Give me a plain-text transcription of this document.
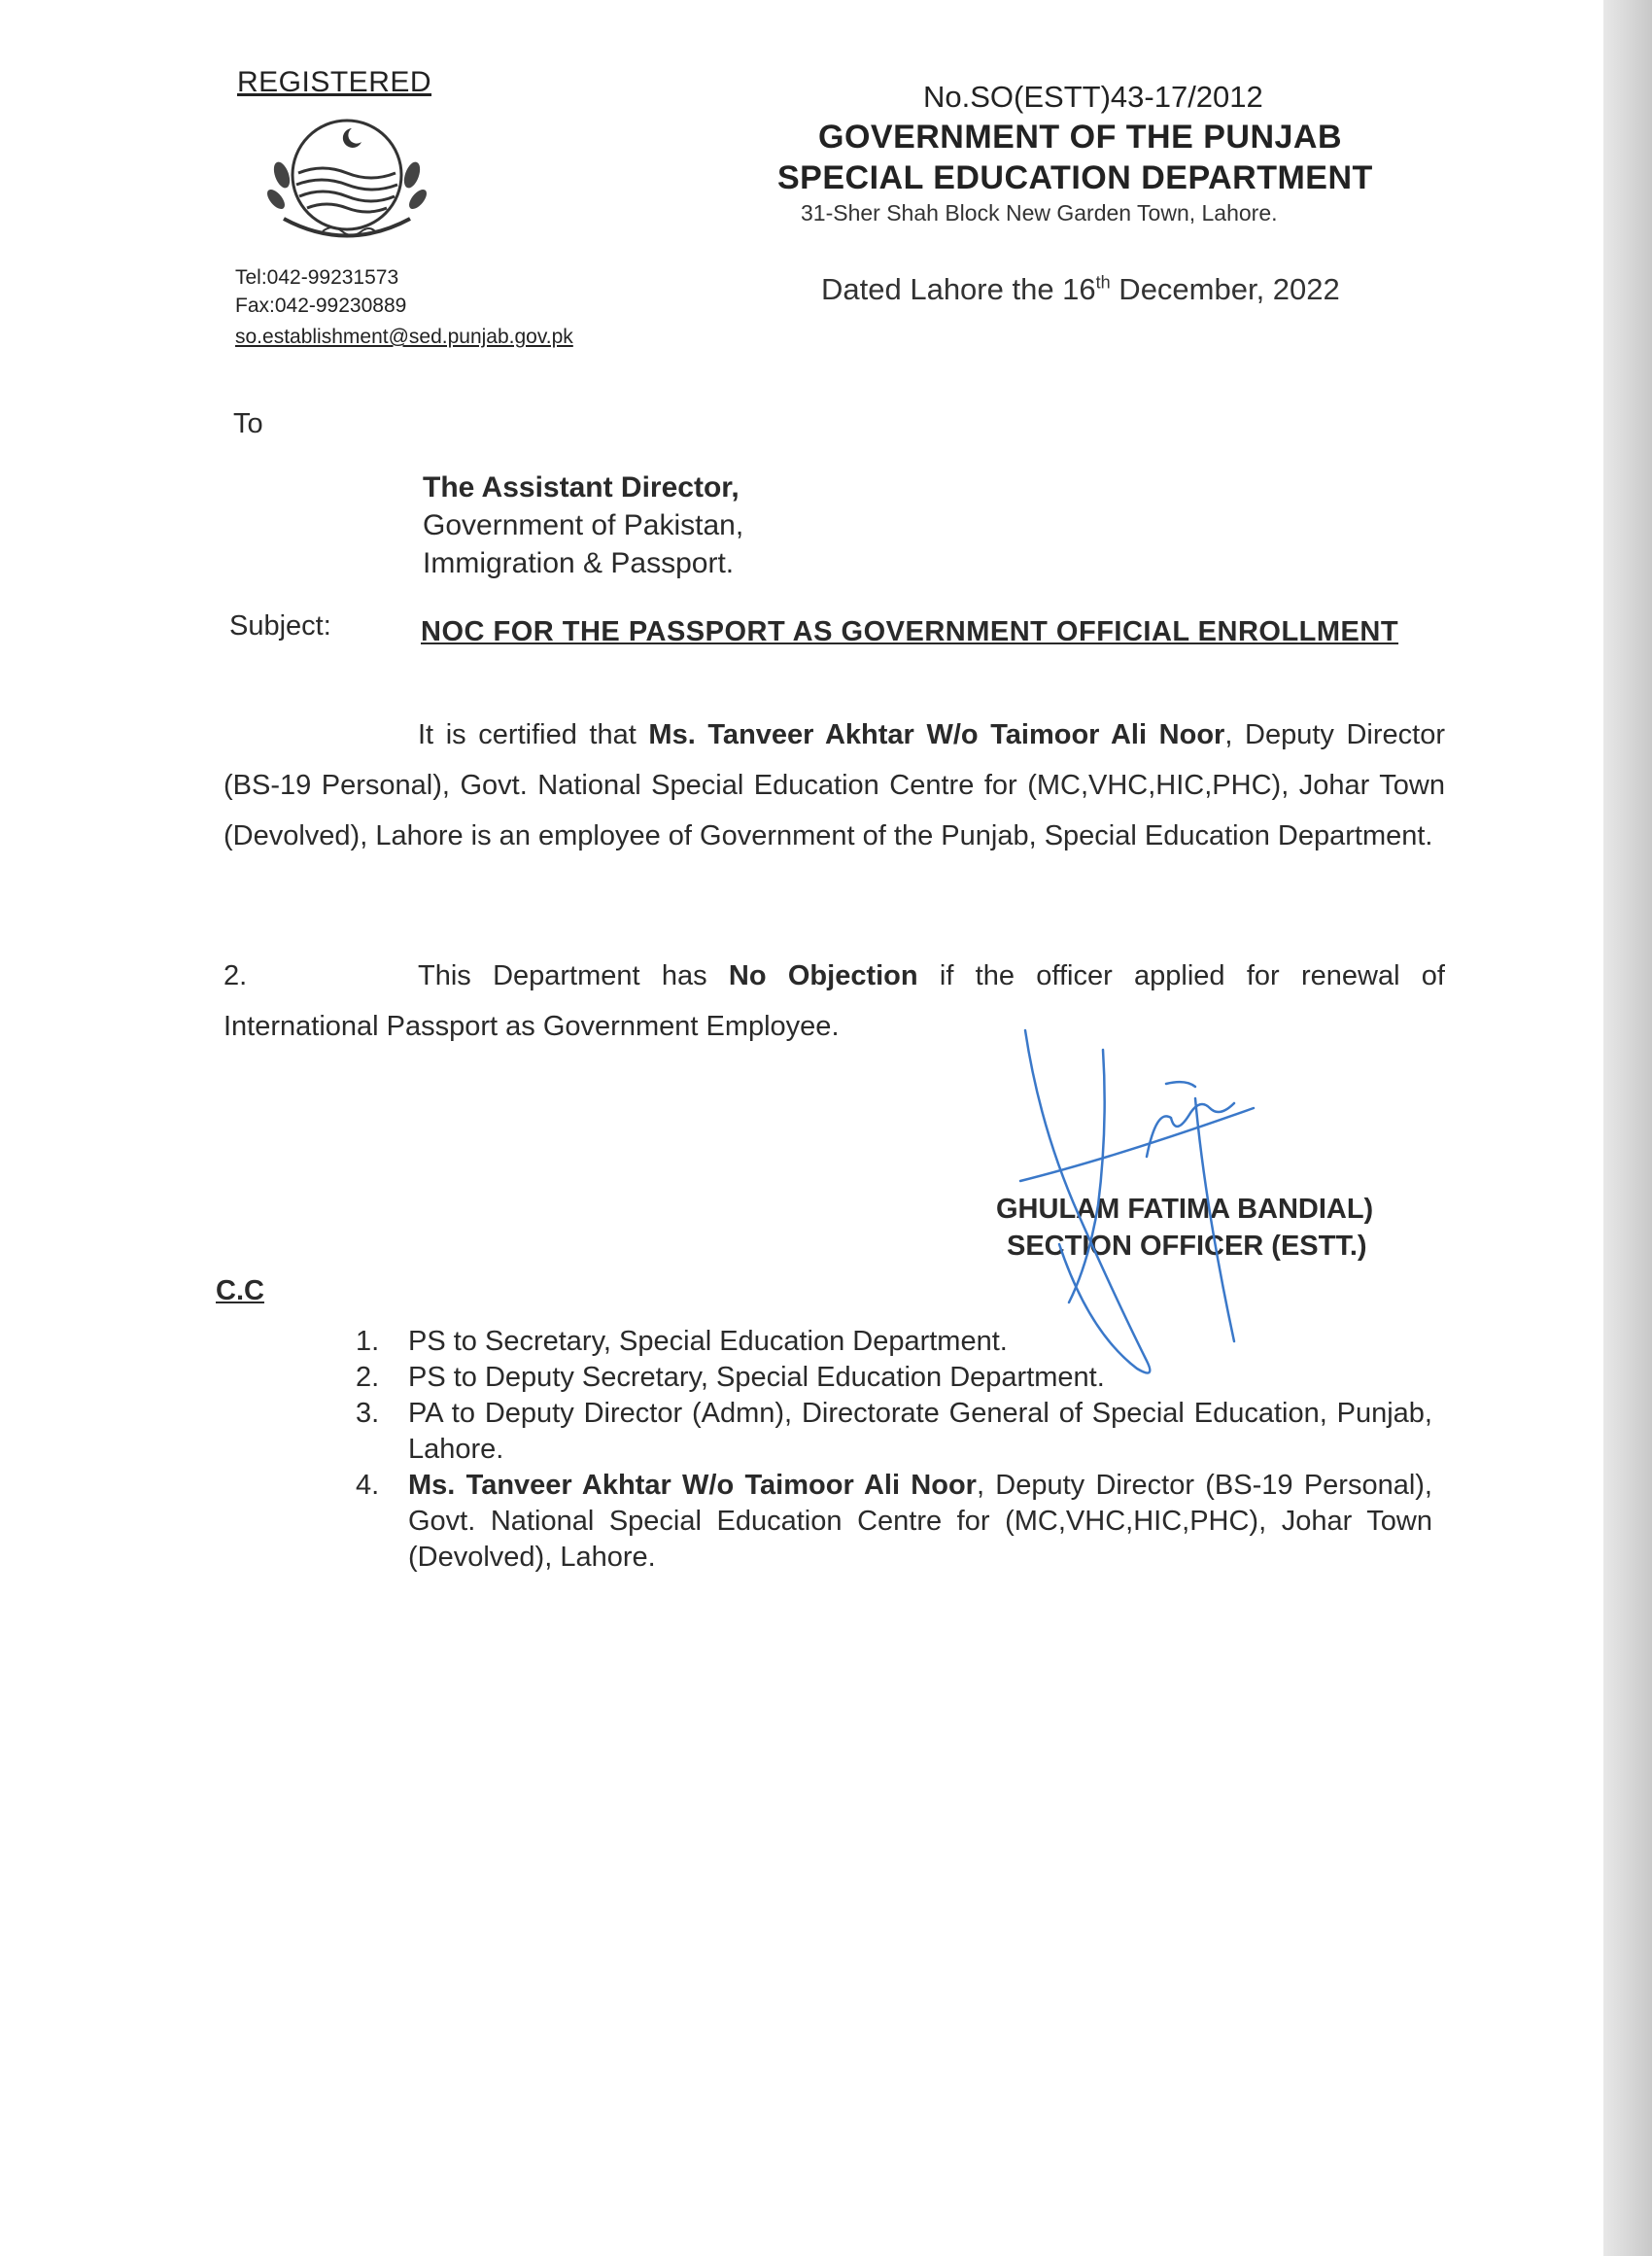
REGISTERED
Tel:042-99231573
Fax:042-99230889
so.establishment@sed.punjab.gov.pk
No.SO(ESTT)43-17/2012
GOVERNMENT OF THE PUNJAB
SPECIAL EDUCATION DEPARTMENT
31-Sher Shah Block New Garden Town, Lahore.
Dated Lahore the 16th December, 2022
To
The Assistant Director,
Government of Pakistan,
Immigration & Passport.
Subject:	NOC FOR THE PASSPORT AS GOVERNMENT OFFICIAL ENROLLMENT
It is certified that Ms. Tanveer Akhtar W/o Taimoor Ali Noor, Deputy Director (BS-19 Personal), Govt. National Special Education Centre for (MC,VHC,HIC,PHC), Johar Town (Devolved), Lahore is an employee of Government of the Punjab, Special Education Department.
2.	This Department has No Objection if the officer applied for renewal of International Passport as Government Employee.
GHULAM FATIMA BANDIAL)
SECTION OFFICER (ESTT.)
C.C
1.	PS to Secretary, Special Education Department.
2.	PS to Deputy Secretary, Special Education Department.
3.	PA to Deputy Director (Admn), Directorate General of Special Education, Punjab, Lahore.
4.	Ms. Tanveer Akhtar W/o Taimoor Ali Noor, Deputy Director (BS-19 Personal), Govt. National Special Education Centre for (MC,VHC,HIC,PHC), Johar Town (Devolved), Lahore.
